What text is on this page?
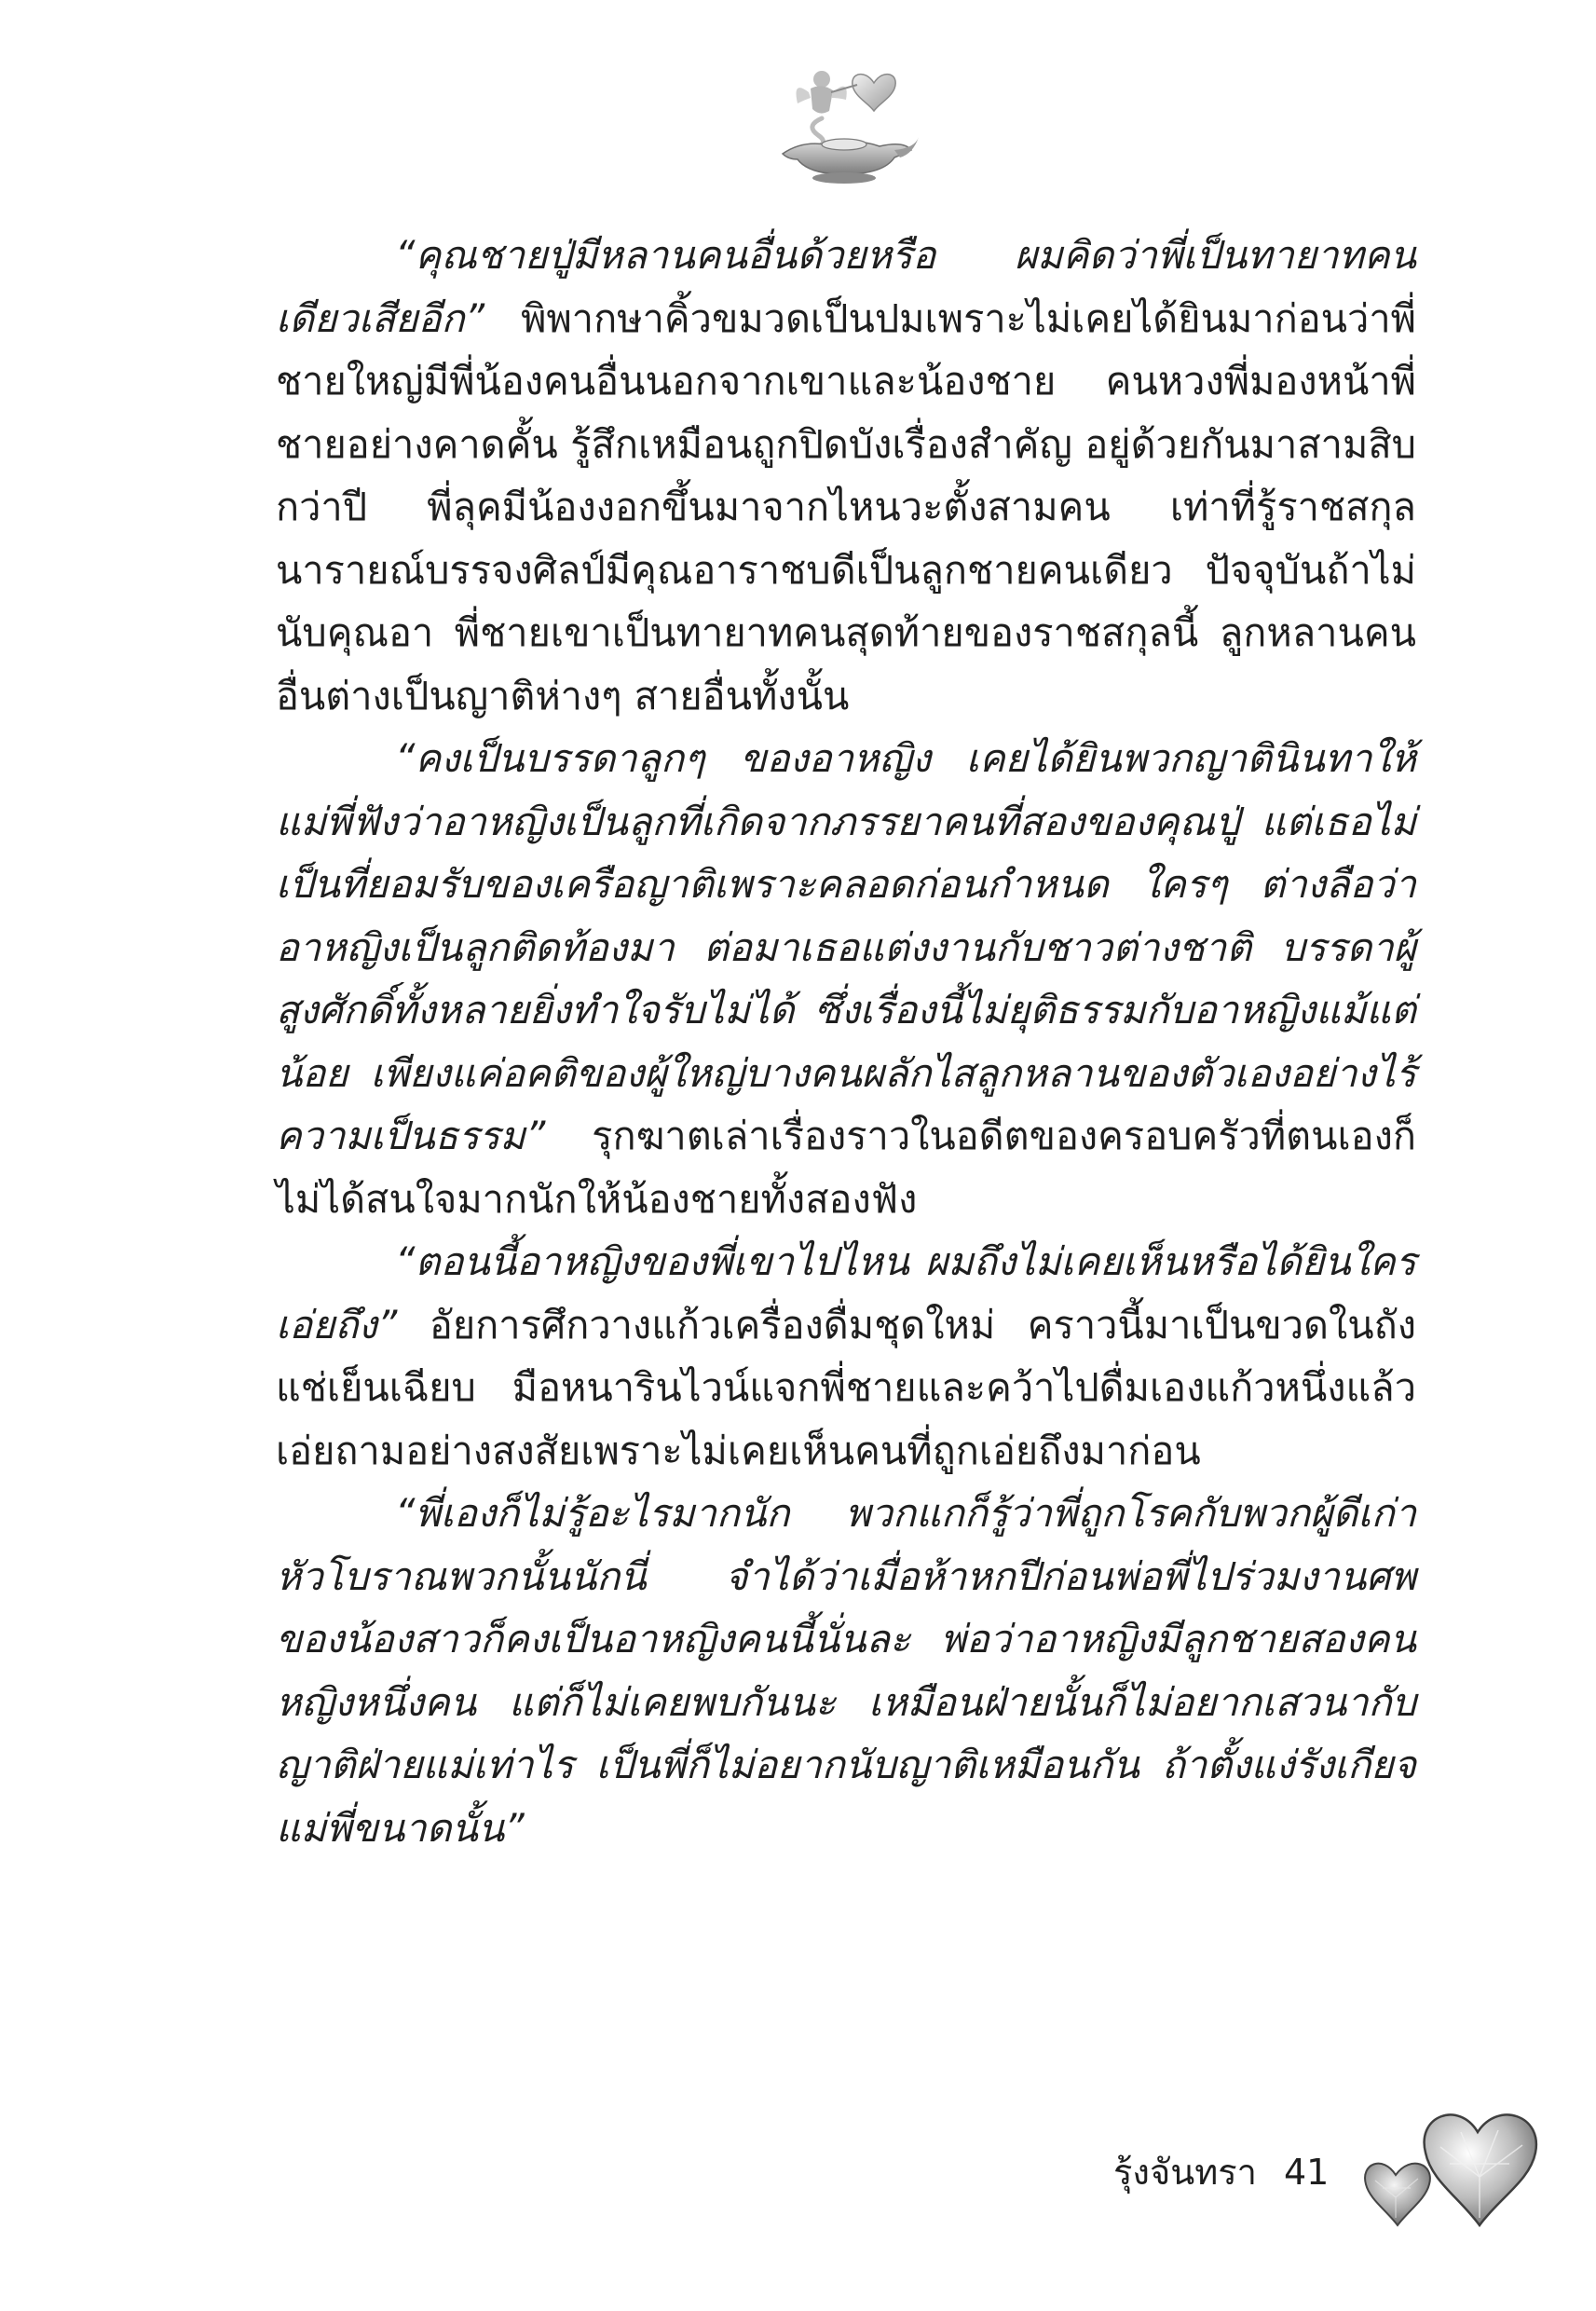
“คุณชายปู่มีหลานคนอื่นด้วยหรือ ผมคิดว่าพี่เป็นทายาทคนเดียวเสียอีก” พิพากษาคิ้วขมวดเป็นปมเพราะไม่เคยได้ยินมาก่อนว่าพี่ชายใหญ่มีพี่น้องคนอื่นนอกจากเขาและน้องชาย คนหวงพี่มองหน้าพี่ชายอย่างคาดคั้น รู้สึกเหมือนถูกปิดบังเรื่องสำคัญ อยู่ด้วยกันมาสามสิบกว่าปี พี่ลุคมีน้องงอกขึ้นมาจากไหนวะตั้งสามคน เท่าที่รู้ราชสกุลนารายณ์บรรจงศิลป์มีคุณอาราชบดีเป็นลูกชายคนเดียว ปัจจุบันถ้าไม่นับคุณอา พี่ชายเขาเป็นทายาทคนสุดท้ายของราชสกุลนี้ ลูกหลานคนอื่นต่างเป็นญาติห่างๆ สายอื่นทั้งนั้น

“คงเป็นบรรดาลูกๆ ของอาหญิง เคยได้ยินพวกญาตินินทาให้แม่พี่ฟังว่าอาหญิงเป็นลูกที่เกิดจากภรรยาคนที่สองของคุณปู่ แต่เธอไม่เป็นที่ยอมรับของเครือญาติเพราะคลอดก่อนกำหนด ใครๆ ต่างลือว่าอาหญิงเป็นลูกติดท้องมา ต่อมาเธอแต่งงานกับชาวต่างชาติ บรรดาผู้สูงศักดิ์ทั้งหลายยิ่งทำใจรับไม่ได้ ซึ่งเรื่องนี้ไม่ยุติธรรมกับอาหญิงแม้แต่น้อย เพียงแค่อคติของผู้ใหญ่บางคนผลักไสลูกหลานของตัวเองอย่างไร้ความเป็นธรรม” รุกฆาตเล่าเรื่องราวในอดีตของครอบครัวที่ตนเองก็ไม่ได้สนใจมากนักให้น้องชายทั้งสองฟัง

“ตอนนี้อาหญิงของพี่เขาไปไหน ผมถึงไม่เคยเห็นหรือได้ยินใครเอ่ยถึง” อัยการศึกวางแก้วเครื่องดื่มชุดใหม่ คราวนี้มาเป็นขวดในถังแช่เย็นเฉียบ มือหนารินไวน์แจกพี่ชายและคว้าไปดื่มเองแก้วหนึ่งแล้วเอ่ยถามอย่างสงสัยเพราะไม่เคยเห็นคนที่ถูกเอ่ยถึงมาก่อน

“พี่เองก็ไม่รู้อะไรมากนัก พวกแกก็รู้ว่าพี่ถูกโรคกับพวกผู้ดีเก่าหัวโบราณพวกนั้นนักนี่ จำได้ว่าเมื่อห้าหกปีก่อนพ่อพี่ไปร่วมงานศพของน้องสาวก็คงเป็นอาหญิงคนนี้นั่นละ พ่อว่าอาหญิงมีลูกชายสองคนหญิงหนึ่งคน แต่ก็ไม่เคยพบกันนะ เหมือนฝ่ายนั้นก็ไม่อยากเสวนากับญาติฝ่ายแม่เท่าไร เป็นพี่ก็ไม่อยากนับญาติเหมือนกัน ถ้าตั้งแง่รังเกียจแม่พี่ขนาดนั้น”

รุ้งจันทรา 41
